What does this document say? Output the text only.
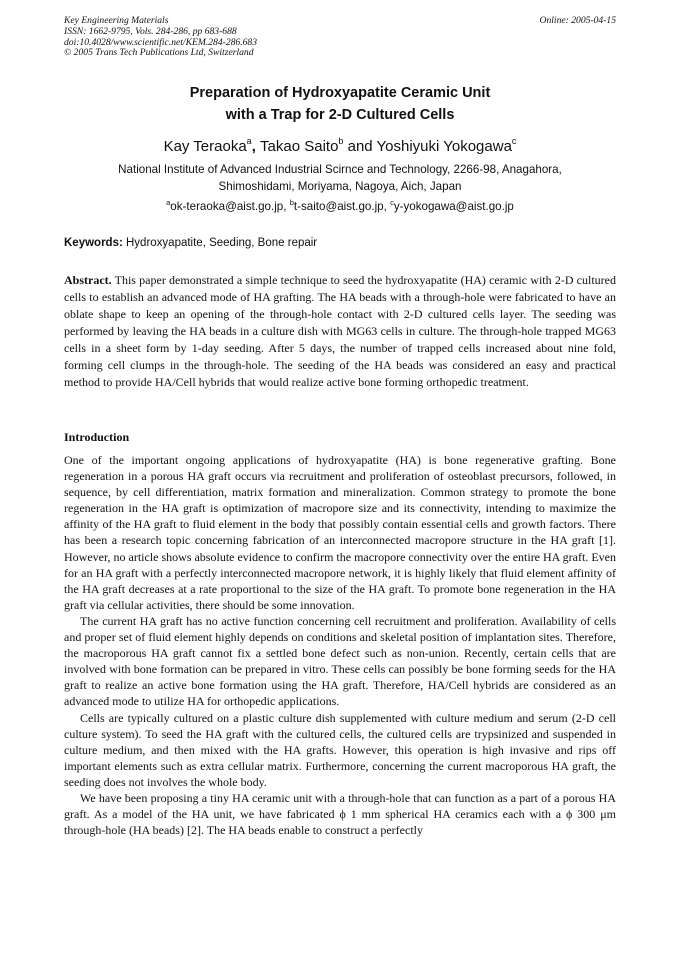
Key Engineering Materials
ISSN: 1662-9795, Vols. 284-286, pp 683-688
doi:10.4028/www.scientific.net/KEM.284-286.683
© 2005 Trans Tech Publications Ltd, Switzerland
Online: 2005-04-15
Preparation of Hydroxyapatite Ceramic Unit
with a Trap for 2-D Cultured Cells
Kay Teraoka$^a$, Takao Saito$^b$ and Yoshiyuki Yokogawa$^c$
National Institute of Advanced Industrial Scirnce and Technology, 2266-98, Anagahora,
Shimoshidami, Moriyama, Nagoya, Aich, Japan
$^a$ok-teraoka@aist.go.jp, $^b$t-saito@aist.go.jp, $^c$y-yokogawa@aist.go.jp
Keywords: Hydroxyapatite, Seeding, Bone repair

Abstract. This paper demonstrated a simple technique to seed the hydroxyapatite (HA) ceramic with 2-D cultured cells to establish an advanced mode of HA grafting. The HA beads with a through-hole were fabricated to have an oblate shape to keep an opening of the through-hole contact with 2-D cultured cells layer. The seeding was performed by leaving the HA beads in a culture dish with MG63 cells in culture. The through-hole trapped MG63 cells in a sheet form by 1-day seeding. After 5 days, the number of trapped cells increased about nine fold, forming cell clumps in the through-hole. The seeding of the HA beads was considered an easy and practical method to provide HA/Cell hybrids that would realize active bone forming orthopedic treatment.

Introduction

One of the important ongoing applications of hydroxyapatite (HA) is bone regenerative grafting. Bone regeneration in a porous HA graft occurs via recruitment and proliferation of osteoblast precursors, followed, in sequence, by cell differentiation, matrix formation and mineralization. Common strategy to promote the bone regeneration in the HA graft is optimization of macropore size and its connectivity, intending to maximize the affinity of the HA graft to fluid element in the body that possibly contain essential cells and growth factors. There has been a research topic concerning fabrication of an interconnected macropore structure in the HA graft [1]. However, no article shows absolute evidence to confirm the macropore connectivity over the entire HA graft. Even for an HA graft with a perfectly interconnected macropore network, it is highly likely that fluid element affinity of the HA graft decreases at a rate proportional to the size of the HA graft. To promote bone regeneration in the HA graft via cellular activities, there should be some innovation.

The current HA graft has no active function concerning cell recruitment and proliferation. Availability of cells and proper set of fluid element highly depends on conditions and skeletal position of implantation sites. Therefore, the macroporous HA graft cannot fix a settled bone defect such as non-union. Recently, certain cells that are involved with bone formation can be prepared in vitro. These cells can possibly be bone forming seeds for the HA graft to realize an active bone formation using the HA graft. Therefore, HA/Cell hybrids are considered as an advanced mode to utilize HA for orthopedic applications.

Cells are typically cultured on a plastic culture dish supplemented with culture medium and serum (2-D cell culture system). To seed the HA graft with the cultured cells, the cultured cells are trypsinized and suspended in culture medium, and then mixed with the HA grafts. However, this operation is high invasive and rips off important elements such as extra cellular matrix. Furthermore, concerning the current macroporous HA graft, the seeding does not involves the whole body.

We have been proposing a tiny HA ceramic unit with a through-hole that can function as a part of a porous HA graft. As a model of the HA unit, we have fabricated ϕ 1 mm spherical HA ceramics each with a ϕ 300 μm through-hole (HA beads) [2]. The HA beads enable to construct a perfectly
